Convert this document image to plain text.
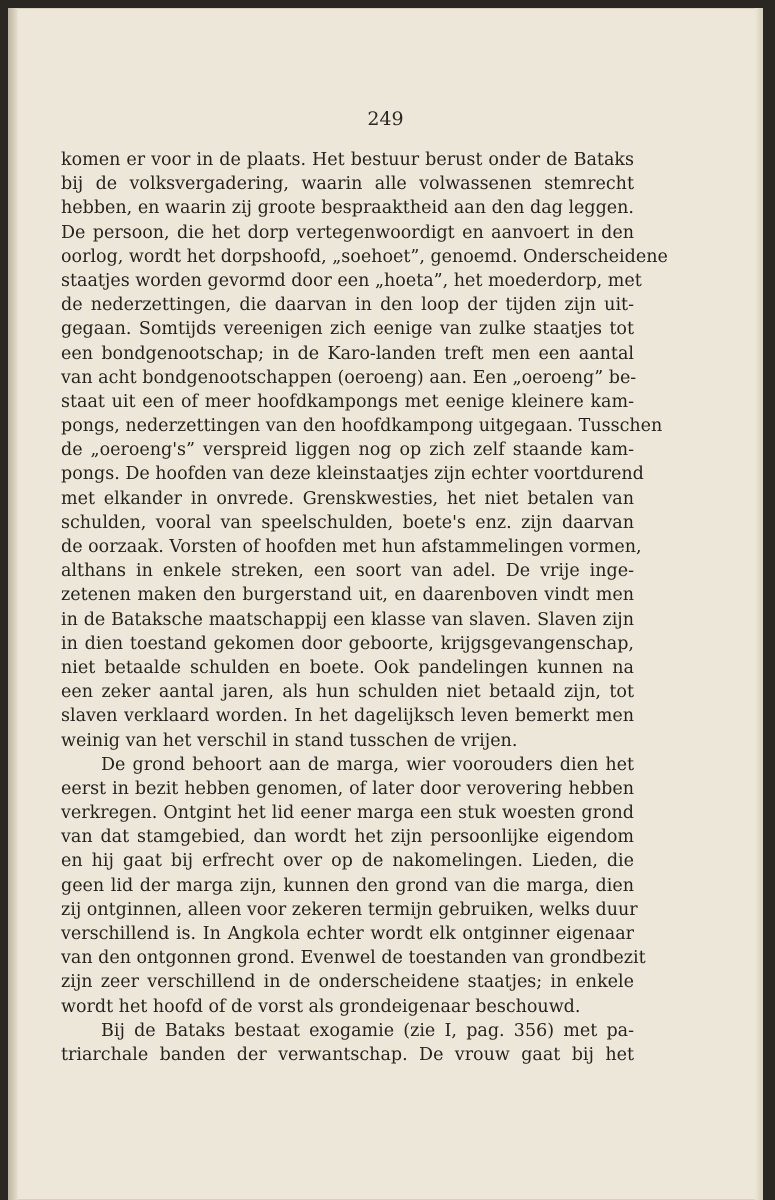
249
komen er voor in de plaats. Het bestuur berust onder de Bataks
bij de volksvergadering, waarin alle volwassenen stemrecht
hebben, en waarin zij groote bespraaktheid aan den dag leggen.
De persoon, die het dorp vertegenwoordigt en aanvoert in den
oorlog, wordt het dorpshoofd, „soehoet”, genoemd. Onderscheidene
staatjes worden gevormd door een „hoeta”, het moederdorp, met
de nederzettingen, die daarvan in den loop der tijden zijn uit-
gegaan. Somtijds vereenigen zich eenige van zulke staatjes tot
een bondgenootschap; in de Karo-landen treft men een aantal
van acht bondgenootschappen (oeroeng) aan. Een „oeroeng” be-
staat uit een of meer hoofdkampongs met eenige kleinere kam-
pongs, nederzettingen van den hoofdkampong uitgegaan. Tusschen
de „oeroeng's” verspreid liggen nog op zich zelf staande kam-
pongs. De hoofden van deze kleinstaatjes zijn echter voortdurend
met elkander in onvrede. Grenskwesties, het niet betalen van
schulden, vooral van speelschulden, boete's enz. zijn daarvan
de oorzaak. Vorsten of hoofden met hun afstammelingen vormen,
althans in enkele streken, een soort van adel. De vrije inge-
zetenen maken den burgerstand uit, en daarenboven vindt men
in de Bataksche maatschappij een klasse van slaven. Slaven zijn
in dien toestand gekomen door geboorte, krijgsgevangenschap,
niet betaalde schulden en boete. Ook pandelingen kunnen na
een zeker aantal jaren, als hun schulden niet betaald zijn, tot
slaven verklaard worden. In het dagelijksch leven bemerkt men
weinig van het verschil in stand tusschen de vrijen.
De grond behoort aan de marga, wier voorouders dien het
eerst in bezit hebben genomen, of later door verovering hebben
verkregen. Ontgint het lid eener marga een stuk woesten grond
van dat stamgebied, dan wordt het zijn persoonlijke eigendom
en hij gaat bij erfrecht over op de nakomelingen. Lieden, die
geen lid der marga zijn, kunnen den grond van die marga, dien
zij ontginnen, alleen voor zekeren termijn gebruiken, welks duur
verschillend is. In Angkola echter wordt elk ontginner eigenaar
van den ontgonnen grond. Evenwel de toestanden van grondbezit
zijn zeer verschillend in de onderscheidene staatjes; in enkele
wordt het hoofd of de vorst als grondeigenaar beschouwd.
Bij de Bataks bestaat exogamie (zie I, pag. 356) met pa-
triarchale banden der verwantschap. De vrouw gaat bij het
